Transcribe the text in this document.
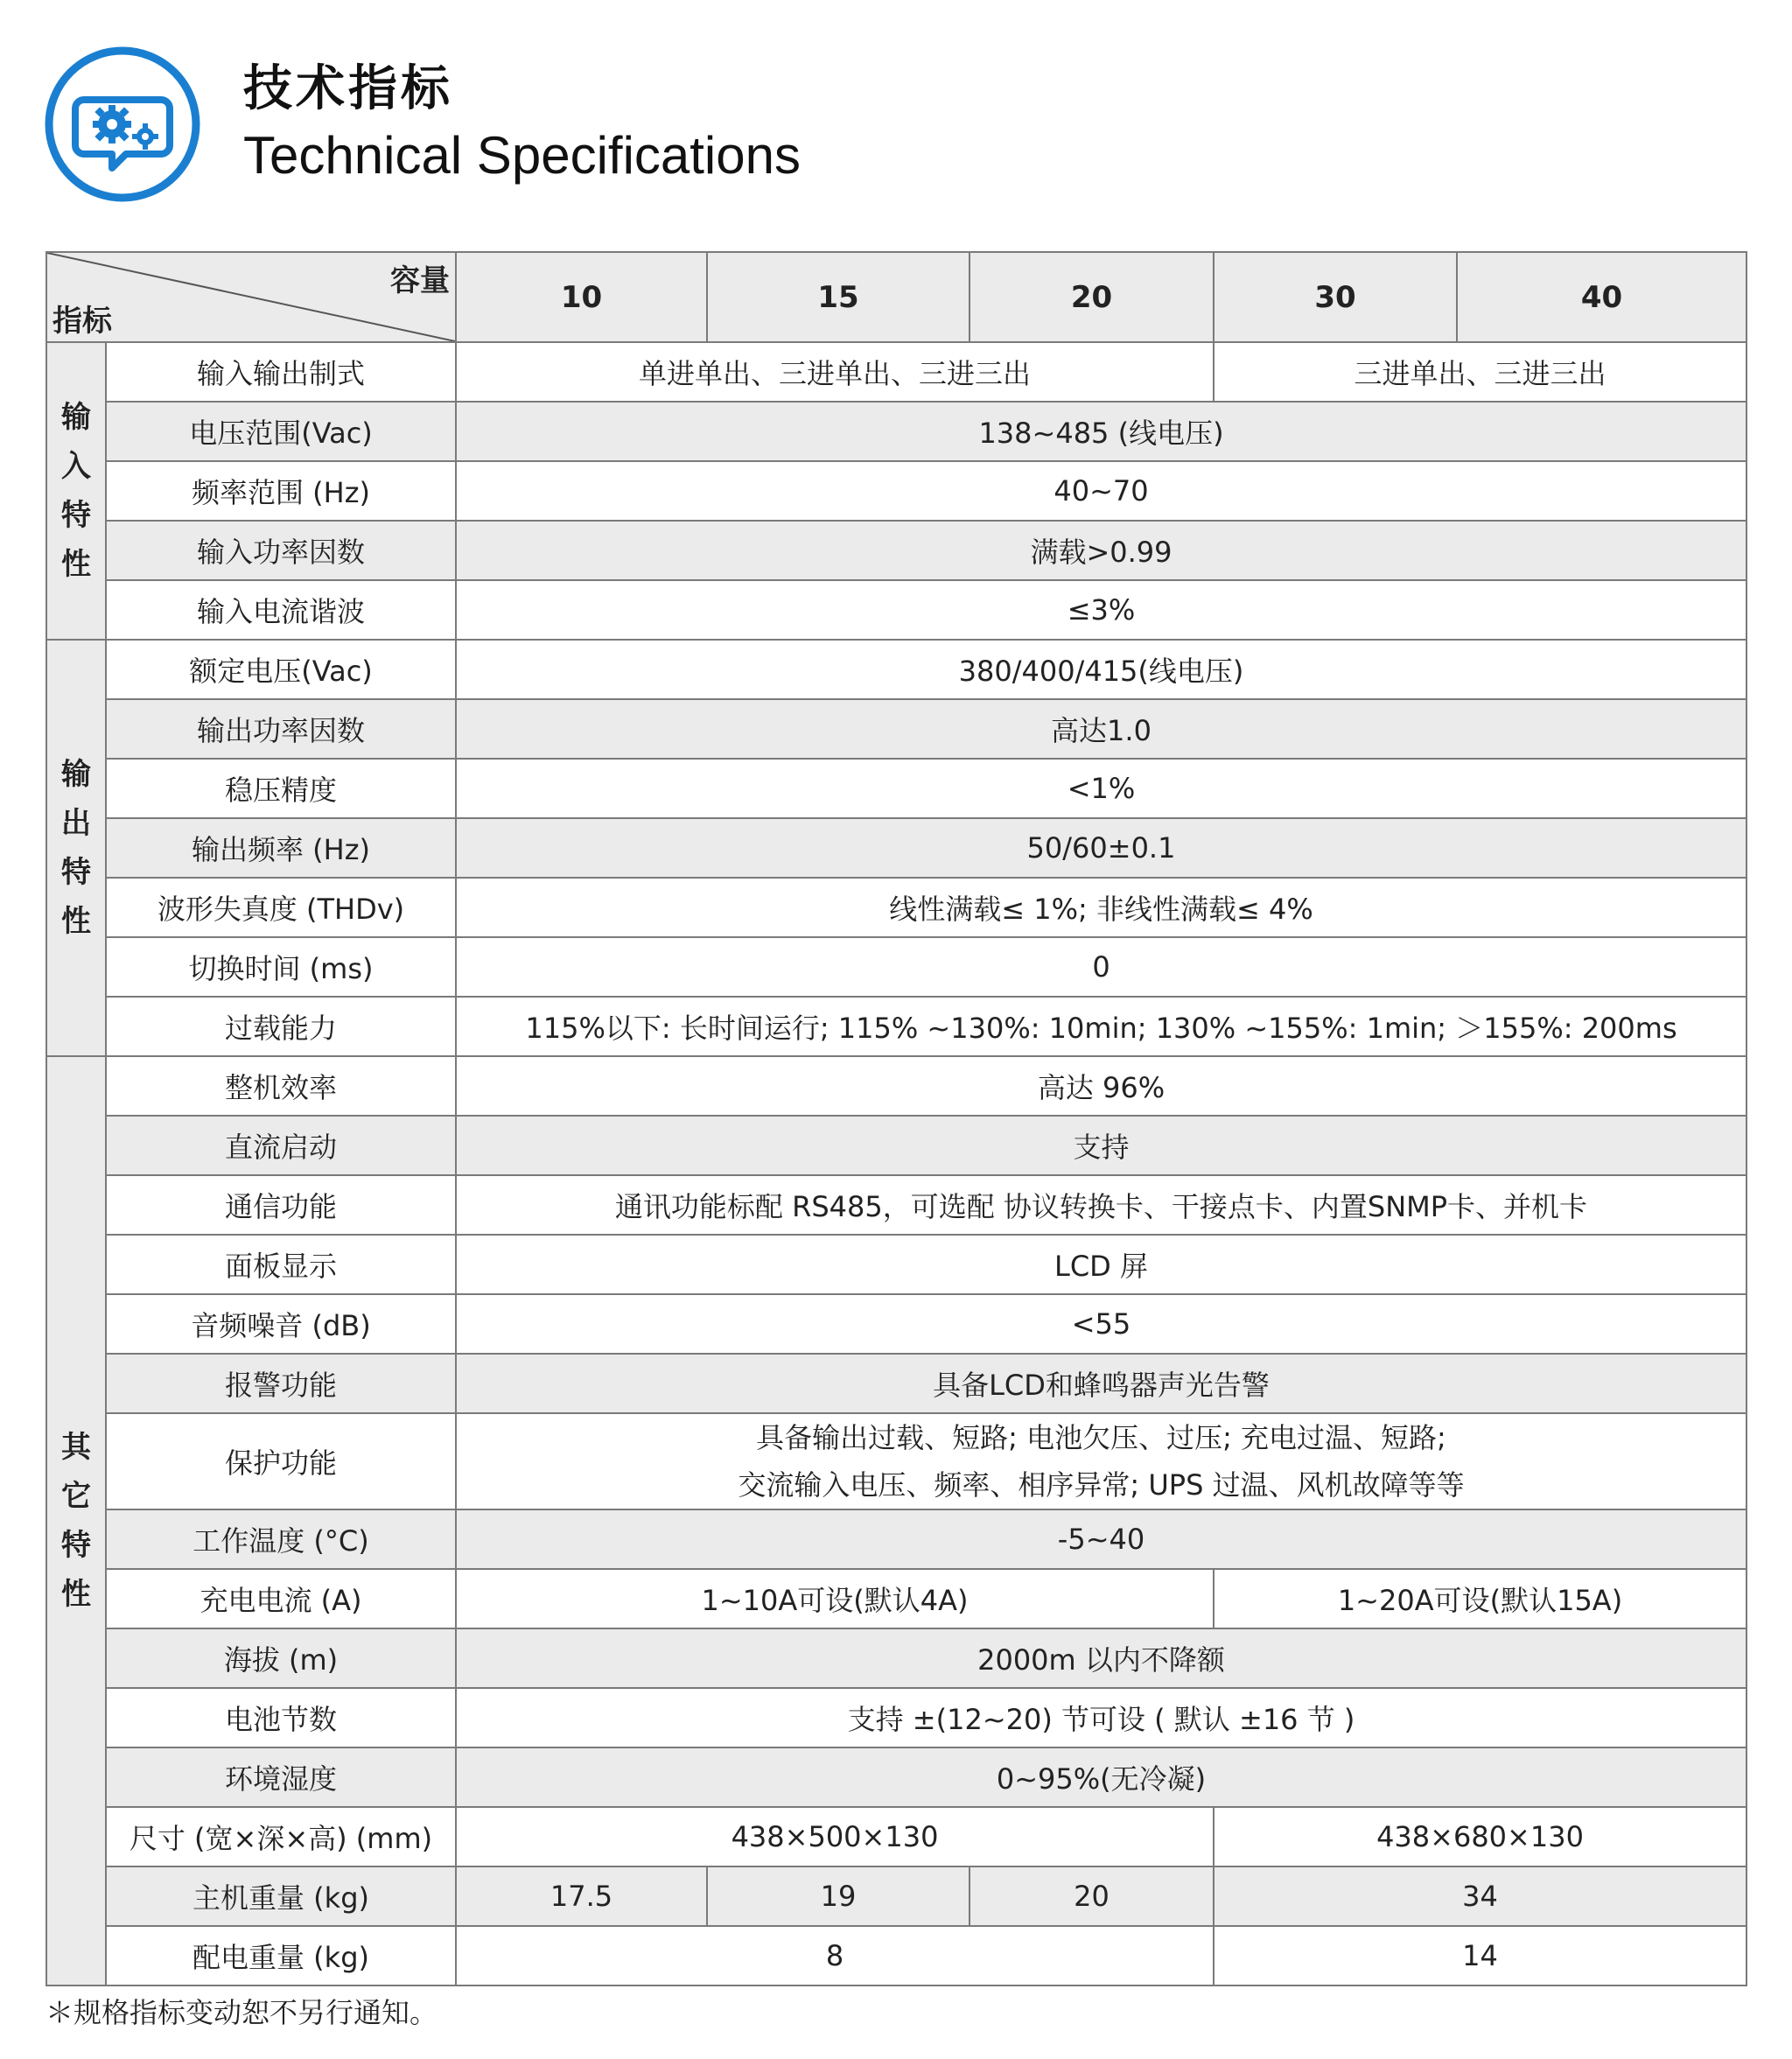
技术指标
Technical Specifications
容量
指标		10	15	20	30	40
输
入
特
性	输入输出制式	单进单出、三进单出、三进三出			三进单出、三进三出	
	电压范围(Vac)	138~485 (线电压)				
	频率范围 (Hz)	40~70				
	输入功率因数	满载>0.99				
	输入电流谐波	≤3%				
输
出
特
性	额定电压(Vac)	380/400/415(线电压)				
	输出功率因数	高达1.0				
	稳压精度	<1%				
	输出频率 (Hz)	50/60±0.1				
	波形失真度 (THDv)	线性满载≤ 1%; 非线性满载≤ 4%				
	切换时间 (ms)	0				
	过载能力	115%以下: 长时间运行; 115% ~130%: 10min; 130% ~155%: 1min; ＞155%: 200ms				
其
它
特
性	整机效率	高达 96%				
	直流启动	支持				
	通信功能	通讯功能标配 RS485，可选配 协议转换卡、干接点卡、内置SNMP卡、并机卡				
	面板显示	LCD 屏				
	音频噪音 (dB)	<55				
	报警功能	具备LCD和蜂鸣器声光告警				
	保护功能	具备输出过载、短路; 电池欠压、过压; 充电过温、短路;
交流输入电压、频率、相序异常; UPS 过温、风机故障等等				

	工作温度 (°C)	-5~40				
	充电电流 (A)	1~10A可设(默认4A)			1~20A可设(默认15A)	
	海拔 (m)	2000m 以内不降额				
	电池节数	支持 ±(12~20) 节可设 ( 默认 ±16 节 )				
	环境湿度	0~95%(无冷凝)				
	尺寸 (宽×深×高) (mm)	438×500×130			438×680×130	
	主机重量 (kg)	17.5	19	20	34	
	配电重量 (kg)	8			14	
＊规格指标变动恕不另行通知。
